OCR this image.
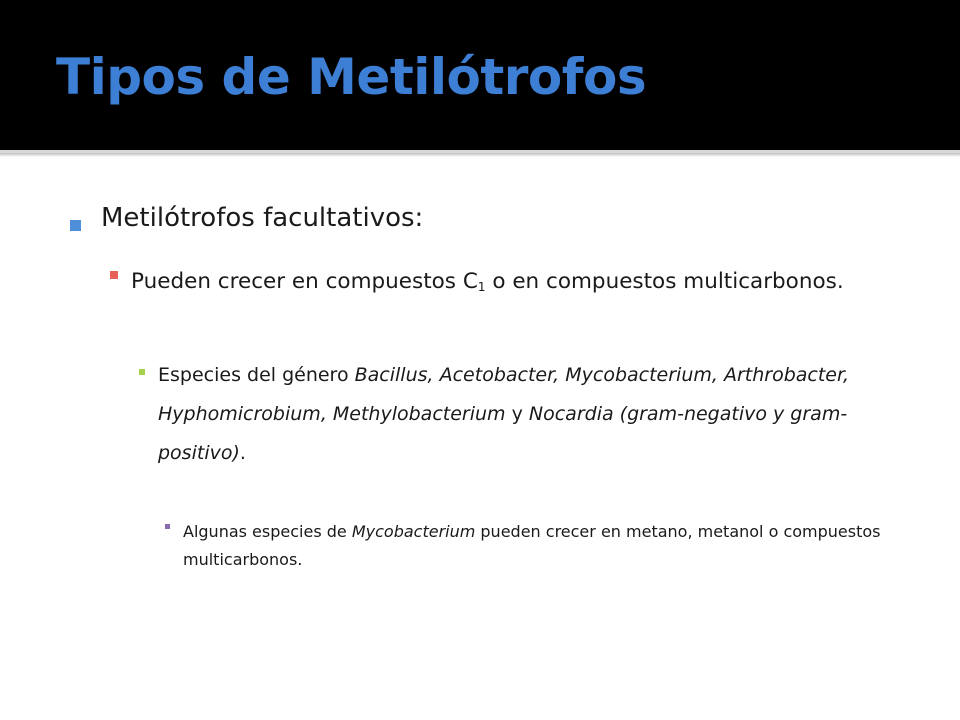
Tipos de Metilótrofos
Metilótrofos facultativos:
Pueden crecer en compuestos $C_1$ o en compuestos multicarbonos.
Especies del género Bacillus, Acetobacter, Mycobacterium, Arthrobacter, Hyphomicrobium, Methylobacterium y Nocardia (gram-negativo y gram-positivo).
Algunas especies de Mycobacterium pueden crecer en metano, metanol o compuestos multicarbonos.
